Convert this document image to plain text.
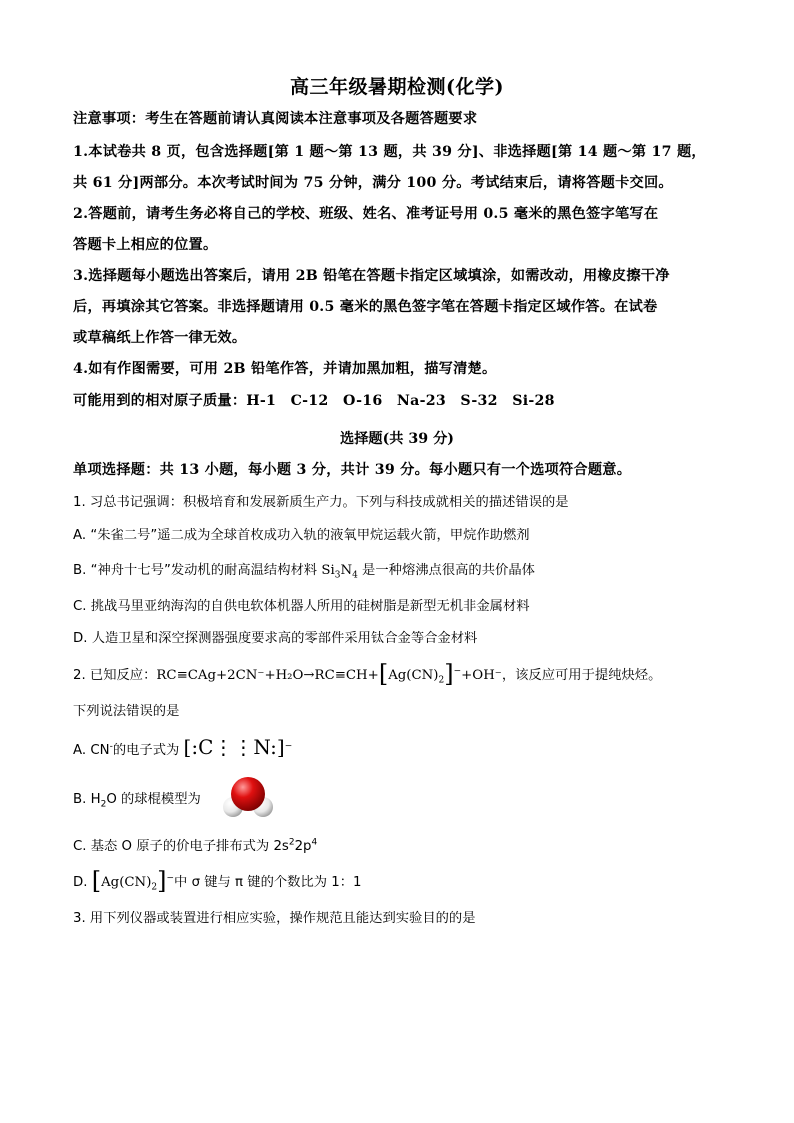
高三年级暑期检测(化学)
注意事项：考生在答题前请认真阅读本注意事项及各题答题要求
1.本试卷共 8 页，包含选择题[第 1 题～第 13 题，共 39 分]、非选择题[第 14 题～第 17 题，
共 61 分]两部分。本次考试时间为 75 分钟，满分 100 分。考试结束后，请将答题卡交回。
2.答题前，请考生务必将自己的学校、班级、姓名、准考证号用 0.5 毫米的黑色签字笔写在
答题卡上相应的位置。
3.选择题每小题选出答案后，请用 2B 铅笔在答题卡指定区域填涂，如需改动，用橡皮擦干净
后，再填涂其它答案。非选择题请用 0.5 毫米的黑色签字笔在答题卡指定区域作答。在试卷
或草稿纸上作答一律无效。
4.如有作图需要，可用 2B 铅笔作答，并请加黑加粗，描写清楚。
可能用到的相对原子质量：H-1　C-12　O-16　Na-23　S-32　Si-28
选择题(共 39 分)
单项选择题：共 13 小题，每小题 3 分，共计 39 分。每小题只有一个选项符合题意。
1. 习总书记强调：积极培育和发展新质生产力。下列与科技成就相关的描述错误的是
A. “朱雀二号”遥二成为全球首枚成功入轨的液氧甲烷运载火箭，甲烷作助燃剂
B. “神舟十七号”发动机的耐高温结构材料 $Si_3N_4$ 是一种熔沸点很高的共价晶体
C. 挑战马里亚纳海沟的自供电软体机器人所用的硅树脂是新型无机非金属材料
D. 人造卫星和深空探测器强度要求高的零部件采用钛合金等合金材料
2. 已知反应：$RC\equiv CAg+2CN^-+H_2O\to RC\equiv CH+[Ag(CN)_2]^-+OH^-$，该反应可用于提纯炔烃。
下列说法错误的是
A. CN-的电子式为 [:C⋮⋮N:]−
B. $H_2O$ 的球棍模型为
C. 基态 O 原子的价电子排布式为 $2s^22p^4$
D. $[Ag(CN)_2]^-$中 σ 键与 π 键的个数比为 1：1
3. 用下列仪器或装置进行相应实验，操作规范且能达到实验目的的是
